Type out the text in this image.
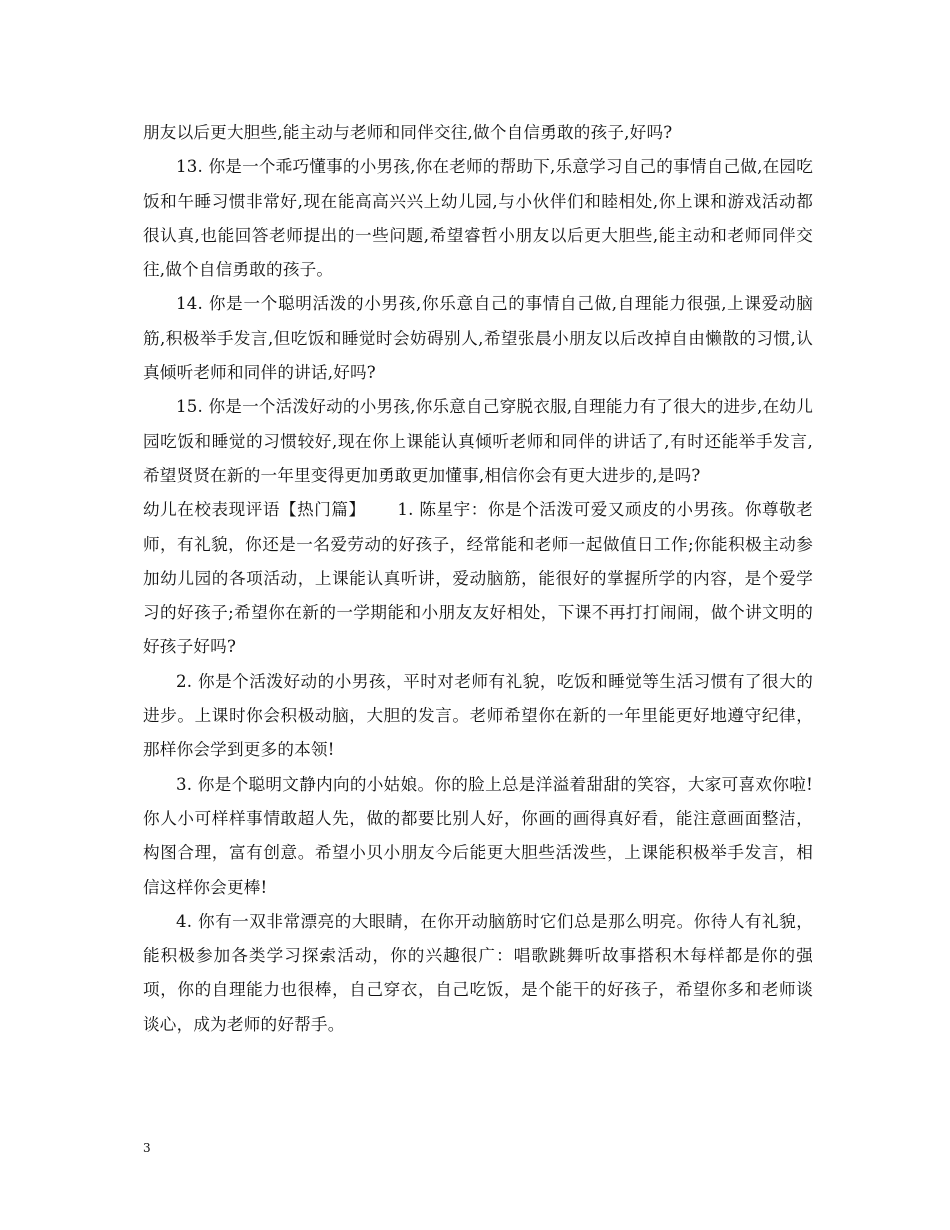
朋友以后更大胆些,能主动与老师和同伴交往,做个自信勇敢的孩子,好吗?

13. 你是一个乖巧懂事的小男孩,你在老师的帮助下,乐意学习自己的事情自己做,在园吃饭和午睡习惯非常好,现在能高高兴兴上幼儿园,与小伙伴们和睦相处,你上课和游戏活动都很认真,也能回答老师提出的一些问题,希望睿哲小朋友以后更大胆些,能主动和老师同伴交往,做个自信勇敢的孩子。

14. 你是一个聪明活泼的小男孩,你乐意自己的事情自己做,自理能力很强,上课爱动脑筋,积极举手发言,但吃饭和睡觉时会妨碍别人,希望张晨小朋友以后改掉自由懒散的习惯,认真倾听老师和同伴的讲话,好吗?

15. 你是一个活泼好动的小男孩,你乐意自己穿脱衣服,自理能力有了很大的进步,在幼儿园吃饭和睡觉的习惯较好,现在你上课能认真倾听老师和同伴的讲话了,有时还能举手发言,希望贤贤在新的一年里变得更加勇敢更加懂事,相信你会有更大进步的,是吗?

幼儿在校表现评语【热门篇】　　 1. 陈星宇：你是个活泼可爱又顽皮的小男孩。你尊敬老师，有礼貌，你还是一名爱劳动的好孩子，经常能和老师一起做值日工作;你能积极主动参加幼儿园的各项活动，上课能认真听讲，爱动脑筋，能很好的掌握所学的内容，是个爱学习的好孩子;希望你在新的一学期能和小朋友友好相处，下课不再打打闹闹，做个讲文明的好孩子好吗?

2. 你是个活泼好动的小男孩，平时对老师有礼貌，吃饭和睡觉等生活习惯有了很大的进步。上课时你会积极动脑，大胆的发言。老师希望你在新的一年里能更好地遵守纪律，那样你会学到更多的本领!

3. 你是个聪明文静内向的小姑娘。你的脸上总是洋溢着甜甜的笑容，大家可喜欢你啦!你人小可样样事情敢超人先，做的都要比别人好，你画的画得真好看，能注意画面整洁，构图合理，富有创意。希望小贝小朋友今后能更大胆些活泼些，上课能积极举手发言，相信这样你会更棒!

4. 你有一双非常漂亮的大眼睛，在你开动脑筋时它们总是那么明亮。你待人有礼貌，能积极参加各类学习探索活动，你的兴趣很广：唱歌跳舞听故事搭积木每样都是你的强项，你的自理能力也很棒，自己穿衣，自己吃饭，是个能干的好孩子，希望你多和老师谈谈心，成为老师的好帮手。

3
